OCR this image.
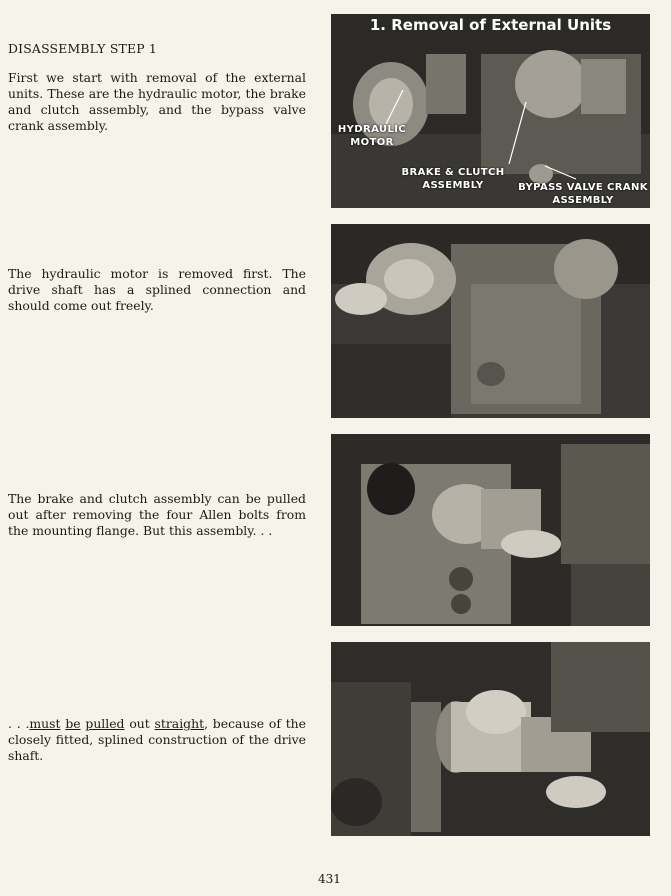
DISASSEMBLY STEP 1
First we start with removal of the external units. These are the hydraulic motor, the brake and clutch assembly, and the bypass valve crank assembly.
The hydraulic motor is removed first. The drive shaft has a splined connection and should come out freely.
The brake and clutch assembly can be pulled out after removing the four Allen bolts from the mounting flange. But this assembly. . .
. . .must be pulled out straight, because of the closely fitted, splined construction of the drive shaft.
1. Removal of External Units
HYDRAULIC
MOTOR
BRAKE & CLUTCH
ASSEMBLY	BYPASS VALVE CRANK
ASSEMBLY
431
